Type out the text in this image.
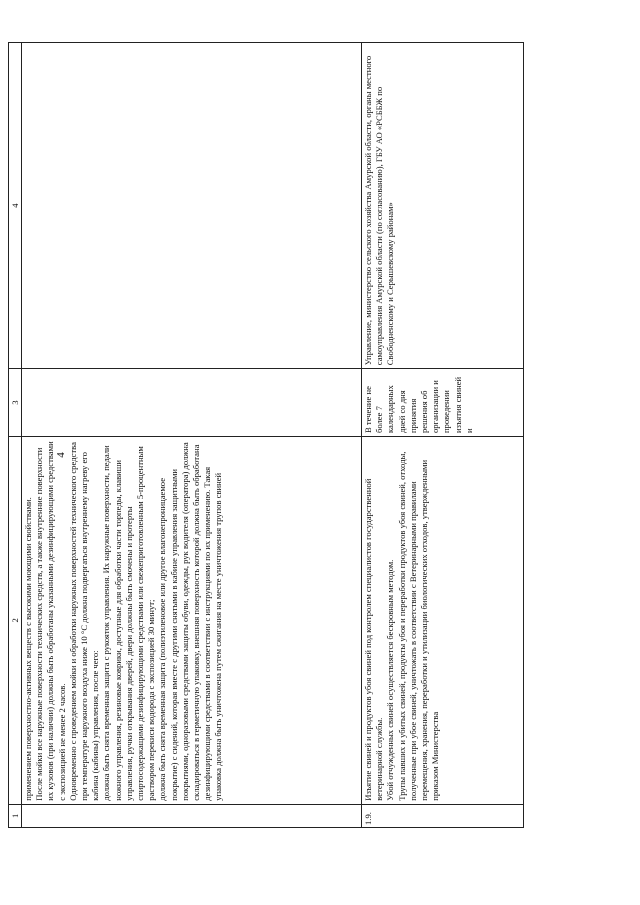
4
1	2	3	4

	применением поверхностно-активных веществ с высокими моющими свойствами. После мойки все наружные поверхности технических средств, а также внутренние поверхности их кузовов (при наличии) должны быть обработаны указанными дезинфицирующими средствами с экспозицией не менее 2 часов. Одновременно с проведением мойки и обработки наружных поверхностей технического средства при температуре наружного воздуха ниже 10 °С должна подвергаться внутреннему нагреву его кабина (кабины) управления, после чего: должна быть снята временная защита с рукояток управления. Их наружные поверхности, педали ножного управления, резиновые коврики, доступные для обработки части торпеды, клавиши управления, ручки открывания дверей, двери должны быть смочены и протерты спиртосодержащими дезинфицирующими средствами или свежеприготовленным 5-процентным раствором перекиси водорода с экспозицией 30 минут; должна быть снята временная защита (полиэтиленовое или другое влагонепроницаемое покрытие) с сидений, которая вместе с другими снятыми в кабине управления защитными покрытиями, одноразовыми средствами защиты обуви, одежды, рук водителя (оператора) должна складироваться в герметичную упаковку, внешняя поверхность которой должна быть обработана дезинфицирующими средствами в соответствии с инструкциями по их применению. Такая упаковка должна быть уничтожена путем сжигания на месте уничтожения трупов свиней		

1.9.	Изъятие свиней и продуктов убоя свиней под контролем специалистов государственной ветеринарной службы. Убой отчужденных свиней осуществляется бескровным методом. Трупы павших и убитых свиней, продукты убоя и переработки продуктов убоя свиней, отходы, полученные при убое свиней, уничтожать в соответствии с Ветеринарными правилами перемещения, хранения, переработки и утилизации биологических отходов, утвержденными приказом Министерства	В течение не более 7 календарных дней со дня принятия решения об организации и проведении изъятия свиней и	Управление, министерство сельского хозяйства Амурской области, органы местного самоуправления Амурской области (по согласованию), ГБУ АО «РСББЖ по Свободненскому и Серышевскому районам»
